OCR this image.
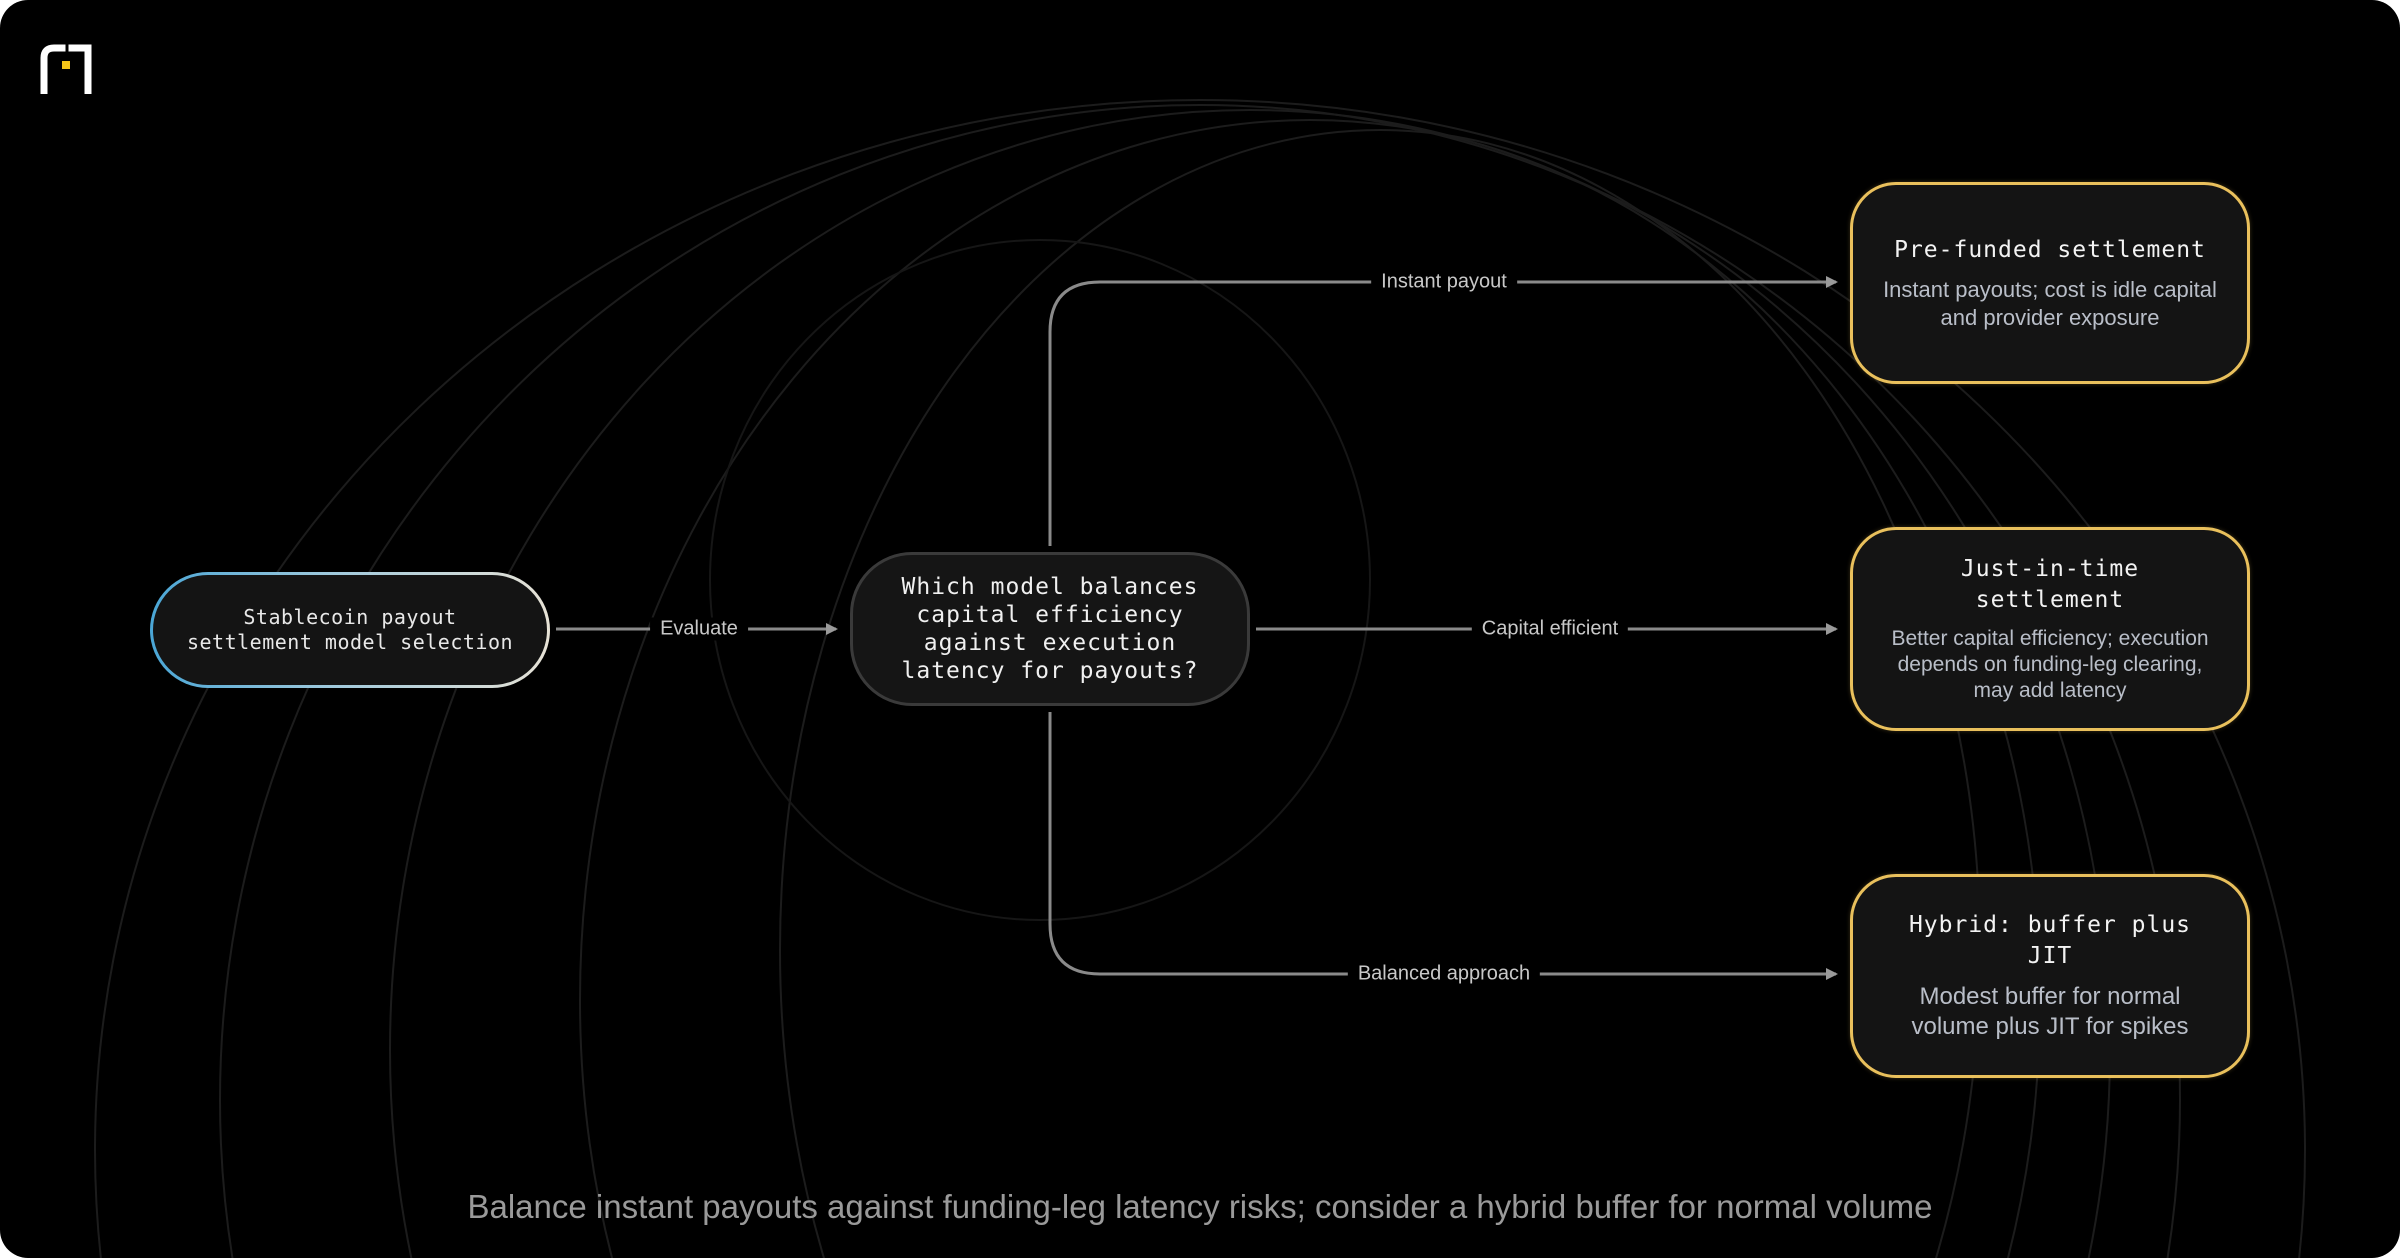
Stablecoin payout settlement model selection
Which model balances capital efficiency against execution latency for payouts?
Pre-funded settlement
Instant payouts; cost is idle capital and provider exposure
Just-in-time settlement
Better capital efficiency; execution depends on funding-leg clearing, may add latency
Hybrid: buffer plus JIT
Modest buffer for normal volume plus JIT for spikes
Evaluate
Instant payout
Capital efficient
Balanced approach
Balance instant payouts against funding-leg latency risks; consider a hybrid buffer for normal volume
